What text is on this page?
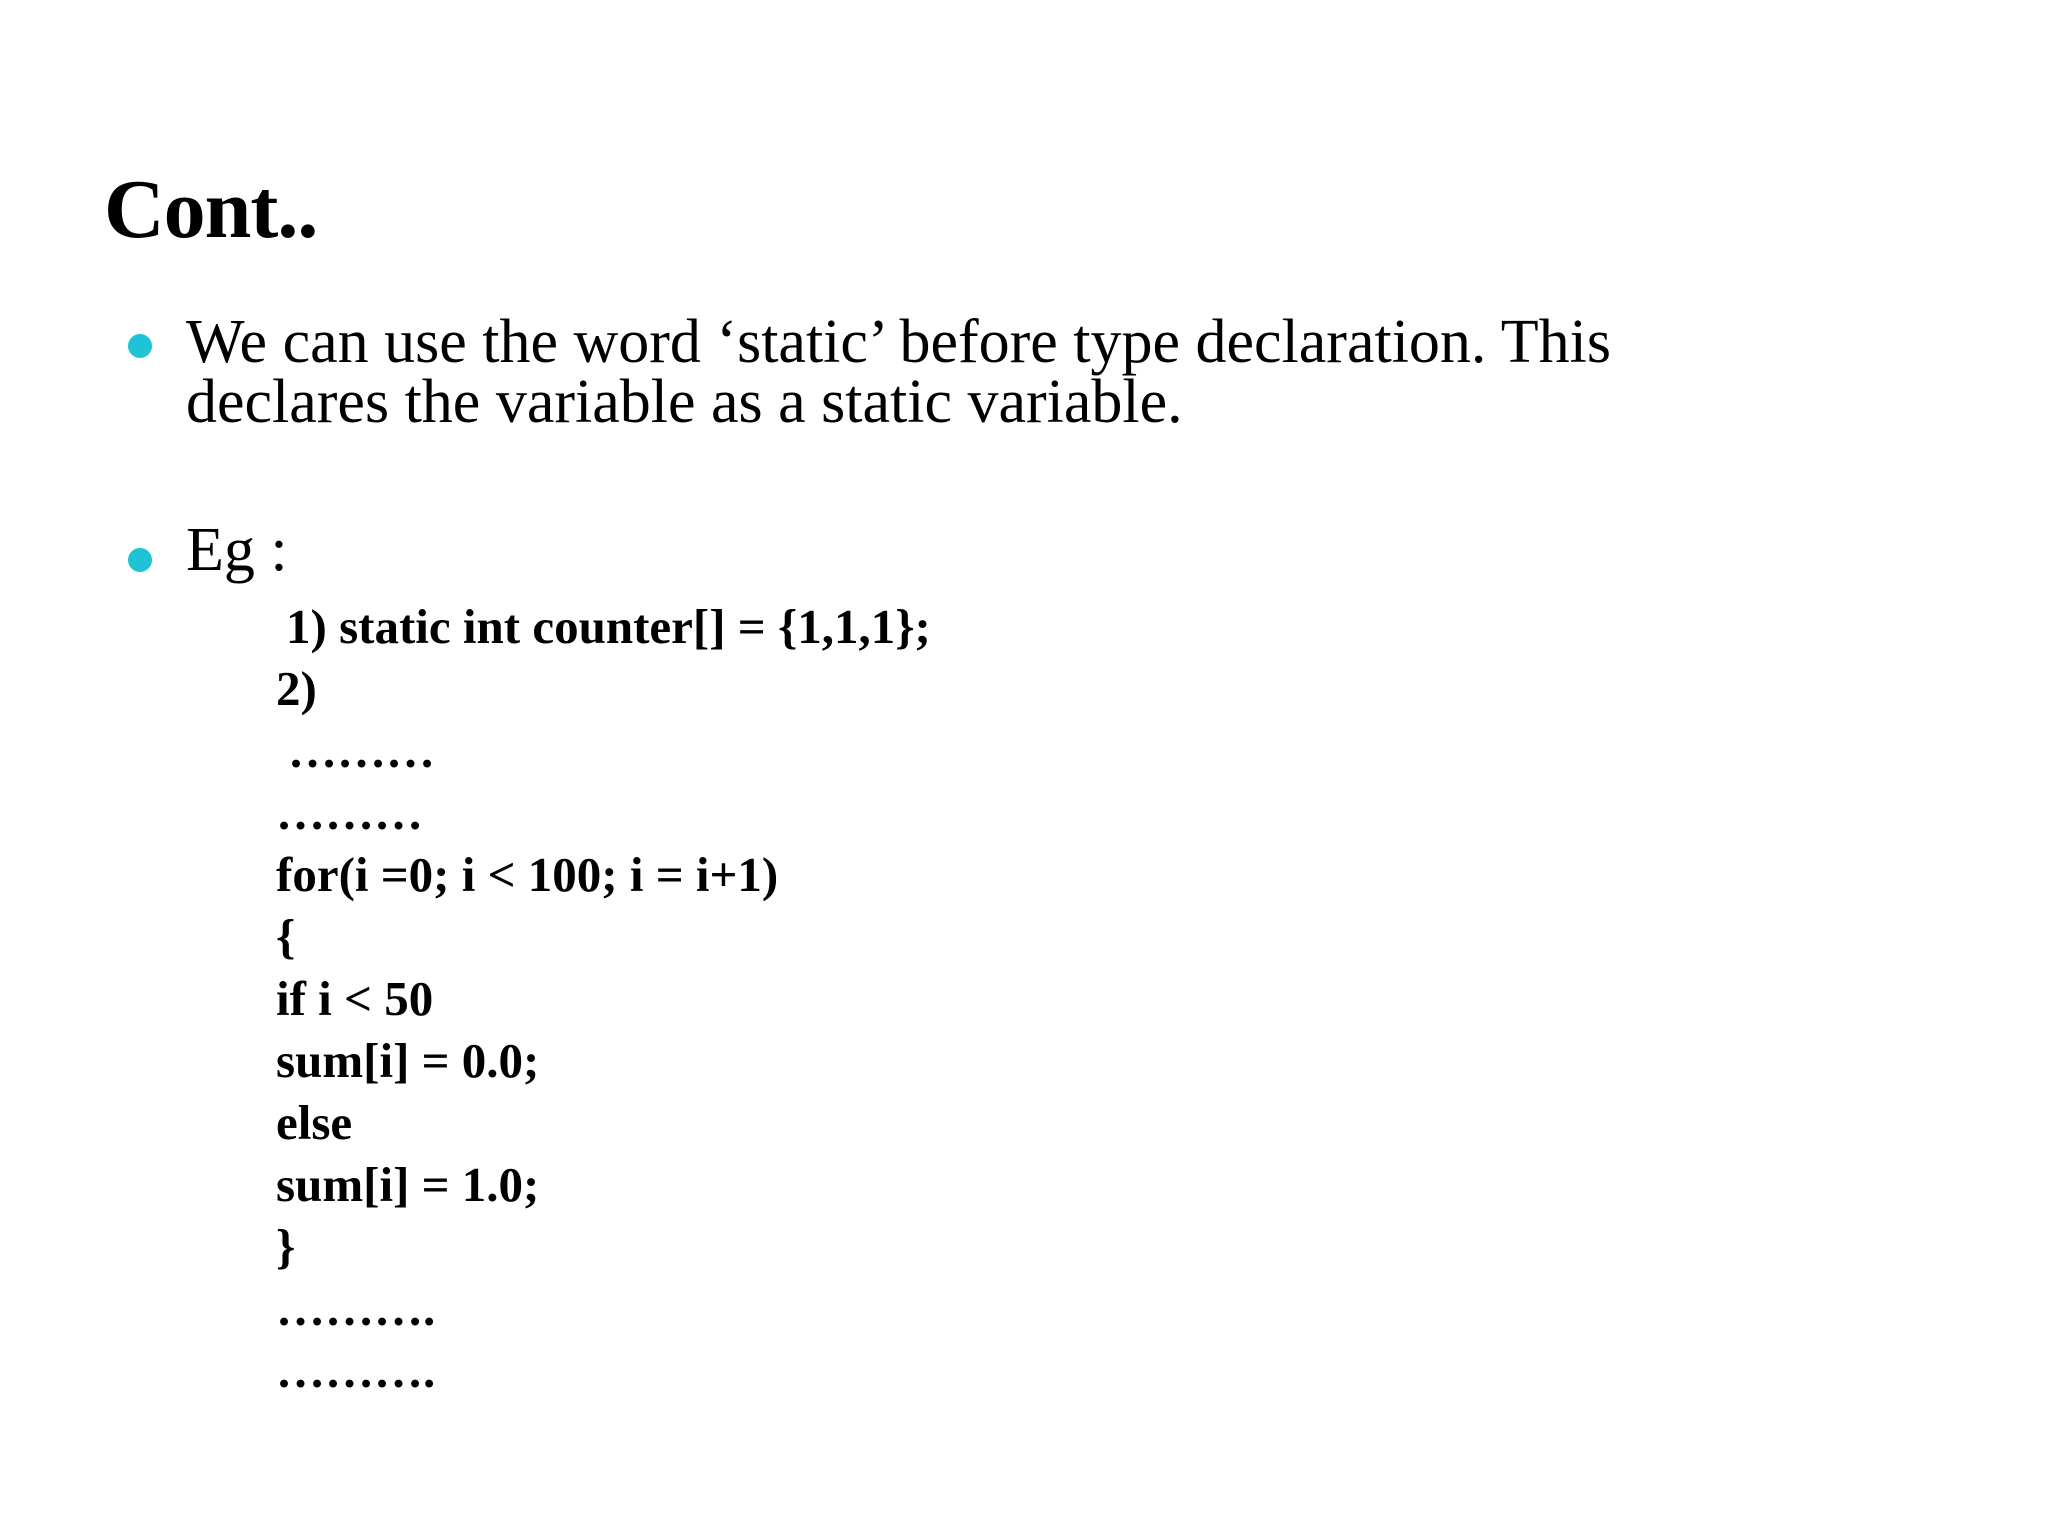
Cont..
We can use the word ‘static’ before type declaration. This
declares the variable as a static variable.
Eg :
1) static int counter[] = {1,1,1};
2)
………
………
for(i =0; i < 100; i = i+1)
{
if i < 50
sum[i] = 0.0;
else
sum[i] = 1.0;
}
……….
……….
